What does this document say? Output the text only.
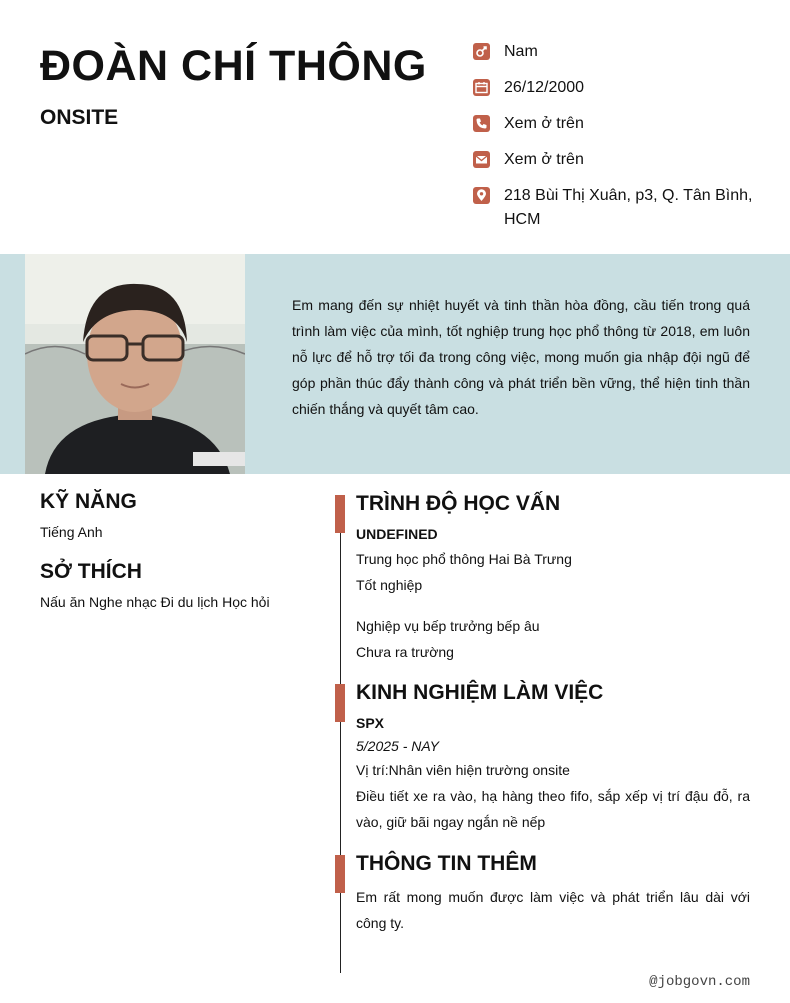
ĐOÀN CHÍ THÔNG
ONSITE
Nam
26/12/2000
Xem ở trên
Xem ở trên
218 Bùi Thị Xuân, p3, Q. Tân Bình, HCM
Em mang đến sự nhiệt huyết và tinh thần hòa đồng, cầu tiến trong quá trình làm việc của mình, tốt nghiệp trung học phổ thông từ 2018, em luôn nỗ lực để hỗ trợ tối đa trong công việc, mong muốn gia nhập đội ngũ để góp phần thúc đẩy thành công và phát triển bền vững, thể hiện tinh thần chiến thắng và quyết tâm cao.
KỸ NĂNG
Tiếng Anh
SỞ THÍCH
Nấu ăn Nghe nhạc Đi du lịch Học hỏi
TRÌNH ĐỘ HỌC VẤN
UNDEFINED
Trung học phổ thông Hai Bà Trưng
Tốt nghiệp
Nghiệp vụ bếp trưởng bếp âu
Chưa ra trường
KINH NGHIỆM LÀM VIỆC
SPX
5/2025 - NAY
Vị trí:Nhân viên hiện trường onsite
Điều tiết xe ra vào, hạ hàng theo fifo, sắp xếp vị trí đậu đỗ, ra vào, giữ bãi ngay ngắn nề nếp
THÔNG TIN THÊM
Em rất mong muốn được làm việc và phát triển lâu dài với công ty.
@jobgovn.com
